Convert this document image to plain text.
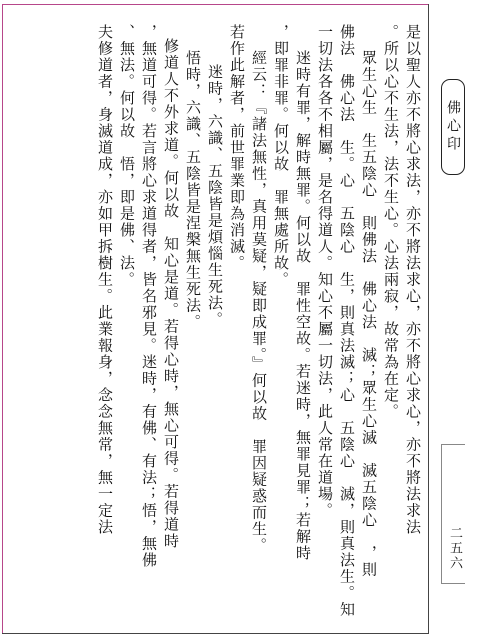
是以聖人亦不將心求法，亦不將法求心，亦不將心求心，亦不將法求法
。所以心不生法，法不生心。心法兩寂，故常為在定。
眾生心生　生五陰心　則佛法　佛心法　滅；眾生心滅　滅五陰心　，則
佛法　佛心法　生。心　五陰心　生，則真法滅；心　五陰心　滅，則真法生。知
一切法各各不相屬，是名得道人。知心不屬一切法，此人常在道場。
迷時有罪，解時無罪。何以故　罪性空故。若迷時，無罪見罪；若解時
，即罪非罪。何以故　罪無處所故。
經云：『諸法無性，真用莫疑，疑即成罪。』何以故　罪因疑惑而生。
若作此解者，前世罪業即為消滅。
迷時，六識、五陰皆是煩惱生死法。
悟時，六識、五陰皆是涅槃無生死法。
修道人不外求道。何以故　知心是道。若得心時，無心可得。若得道時
，無道可得。若言將心求道得者，皆名邪見。迷時，有佛、有法；悟，無佛
、無法。何以故　悟，即是佛、法。
夫修道者，身滅道成，亦如甲拆樹生。此業報身，念念無常，無一定法	佛心印
二五六
